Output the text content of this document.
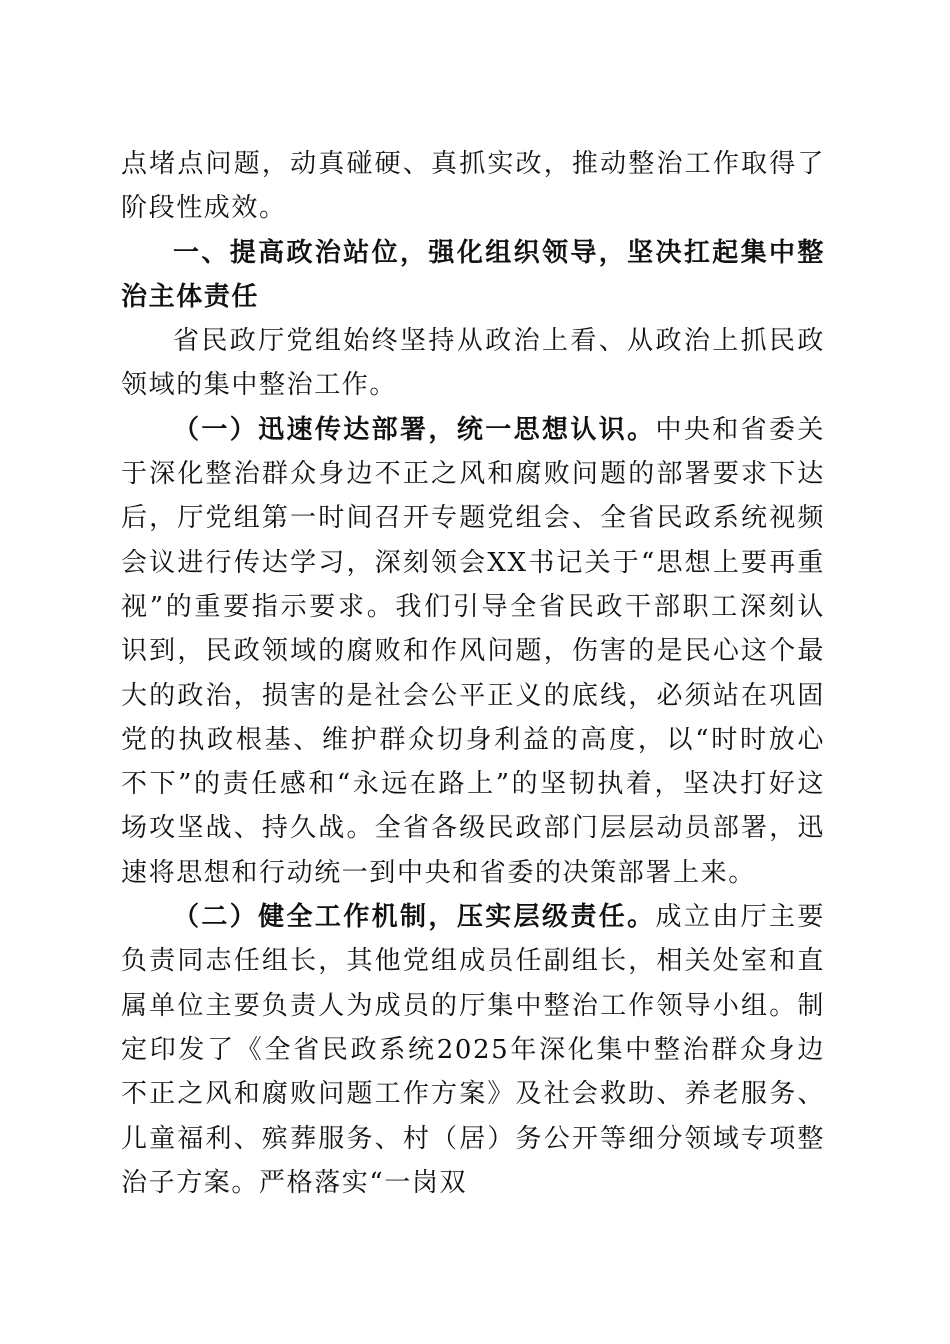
点堵点问题，动真碰硬、真抓实改，推动整治工作取得了阶段性成效。

一、提高政治站位，强化组织领导，坚决扛起集中整治主体责任

省民政厅党组始终坚持从政治上看、从政治上抓民政领域的集中整治工作。

（一）迅速传达部署，统一思想认识。中央和省委关于深化整治群众身边不正之风和腐败问题的部署要求下达后，厅党组第一时间召开专题党组会、全省民政系统视频会议进行传达学习，深刻领会XX书记关于“思想上要再重视”的重要指示要求。我们引导全省民政干部职工深刻认识到，民政领域的腐败和作风问题，伤害的是民心这个最大的政治，损害的是社会公平正义的底线，必须站在巩固党的执政根基、维护群众切身利益的高度，以“时时放心不下”的责任感和“永远在路上”的坚韧执着，坚决打好这场攻坚战、持久战。全省各级民政部门层层动员部署，迅速将思想和行动统一到中央和省委的决策部署上来。

（二）健全工作机制，压实层级责任。成立由厅主要负责同志任组长，其他党组成员任副组长，相关处室和直属单位主要负责人为成员的厅集中整治工作领导小组。制定印发了《全省民政系统2025年深化集中整治群众身边不正之风和腐败问题工作方案》及社会救助、养老服务、儿童福利、殡葬服务、村（居）务公开等细分领域专项整治子方案。严格落实“一岗双
